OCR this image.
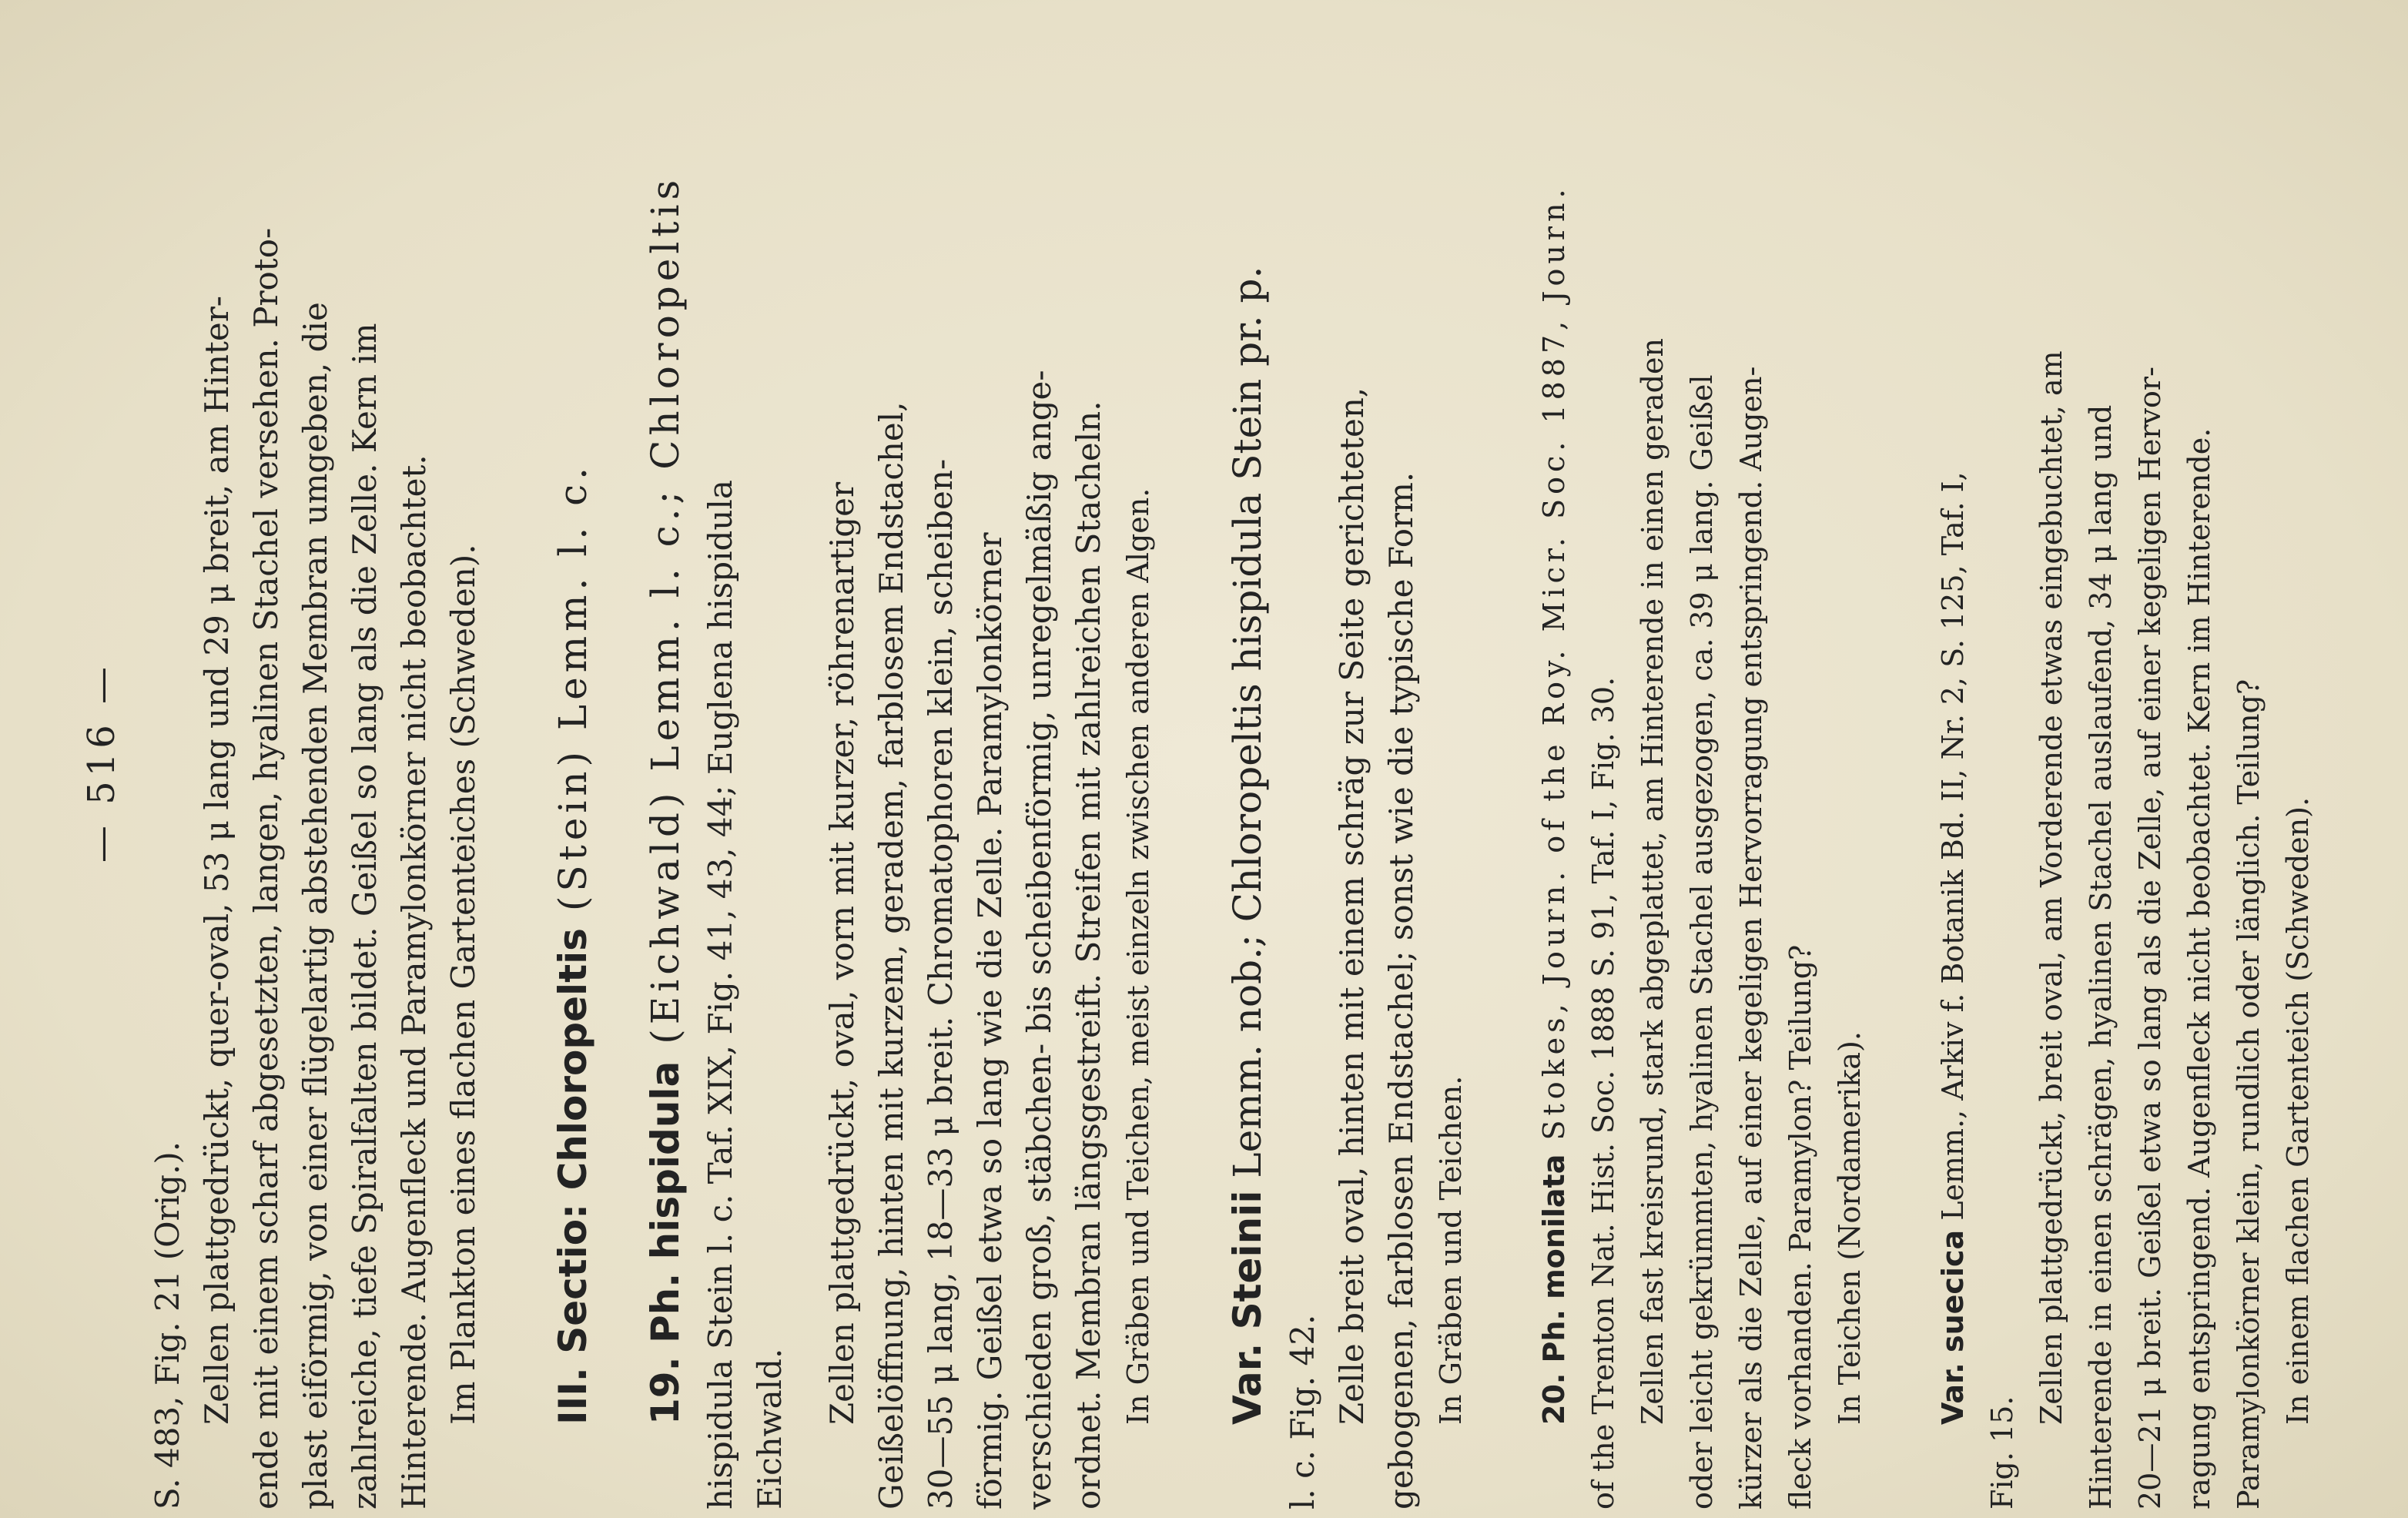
— 516 —
S. 483, Fig. 21 (Orig.). Zellen plattgedrückt, quer-oval, 53 μ lang und 29 μ breit, am Hinter- ende mit einem scharf abgesetzten, langen, hyalinen Stachel versehen. Proto- plast eiförmig, von einer flügelartig abstehenden Membran umgeben, die zahlreiche, tiefe Spiralfalten bildet. Geißel so lang als die Zelle. Kern im Hinterende. Augenfleck und Paramylonkörner nicht beobachtet. Im Plankton eines flachen Gartenteiches (Schweden). III. Sectio: Chloropeltis (Stein) Lemm. l. c.
19. Ph. hispidula (Eichwald) Lemm. l. c.; Chloropeltis hispidula Stein l. c. Taf. XIX, Fig. 41, 43, 44; Euglena hispidula Eichwald.
Zellen plattgedrückt, oval, vorn mit kurzer, röhrenartiger Geißelöffnung, hinten mit kurzem, geradem, farblosem Endstachel, 30—55 μ lang, 18—33 μ breit. Chromatophoren klein, scheiben- förmig. Geißel etwa so lang wie die Zelle. Paramylonkörner verschieden groß, stäbchen- bis scheibenförmig, unregelmäßig ange- ordnet. Membran längsgestreift. Streifen mit zahlreichen Stacheln. In Gräben und Teichen, meist einzeln zwischen anderen Algen. Var. Steinii Lemm. nob.; Chloropeltis hispidula Stein pr. p.
l. c. Fig. 42. Zelle breit oval, hinten mit einem schräg zur Seite gerichteten, gebogenen, farblosen Endstachel; sonst wie die typische Form. In Gräben und Teichen. 20. Ph. monilata Stokes, Journ. of the Roy. Micr. Soc. 1887, Journ. of the Trenton Nat. Hist. Soc. 1888 S. 91, Taf. I, Fig. 30. Zellen fast kreisrund, stark abgeplattet, am Hinterende in einen geraden oder leicht gekrümmten, hyalinen Stachel ausgezogen, ca. 39 μ lang. Geißel kürzer als die Zelle, auf einer kegeligen Hervorragung entspringend. Augen- fleck vorhanden. Paramylon? Teilung? In Teichen (Nordamerika). Var. suecica Lemm., Arkiv f. Botanik Bd. II, Nr. 2, S. 125, Taf. I,
Fig. 15.
Zellen plattgedrückt, breit oval, am Vorderende etwas eingebuchtet, am Hinterende in einen schrägen, hyalinen Stachel auslaufend, 34 μ lang und 20—21 μ breit. Geißel etwa so lang als die Zelle, auf einer kegeligen Hervor- ragung entspringend. Augenfleck nicht beobachtet. Kern im Hinterende. Paramylonkörner klein, rundlich oder länglich. Teilung? In einem flachen Gartenteich (Schweden).
